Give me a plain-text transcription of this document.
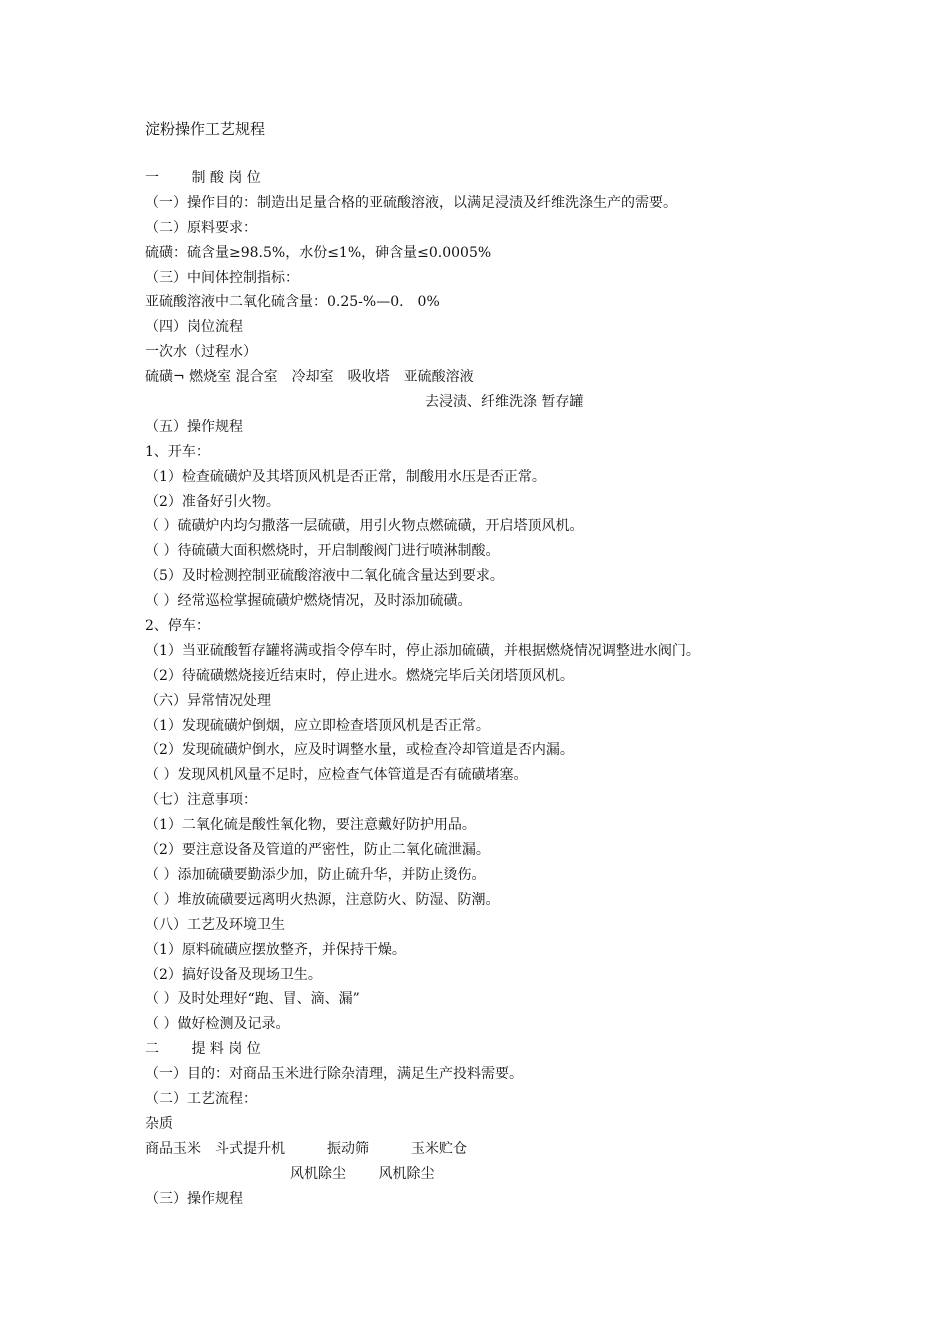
淀粉操作工艺规程
一　　 制 酸 岗 位
（一）操作目的：制造出足量合格的亚硫酸溶液，以满足浸渍及纤维洗涤生产的需要。
（二）原料要求：
硫磺：硫含量≥98.5%，水份≤1%，砷含量≤0.0005%
（三）中间体控制指标：
亚硫酸溶液中二氧化硫含量：0.25-%—0.　0%
（四）岗位流程
一次水（过程水）
硫磺¬ 燃烧室 混合室　冷却室　吸收塔　亚硫酸溶液
去浸渍、纤维洗涤 暂存罐
（五）操作规程
1、开车：
（1）检查硫磺炉及其塔顶风机是否正常，制酸用水压是否正常。
（2）准备好引火物。
（ ）硫磺炉内均匀撒落一层硫磺，用引火物点燃硫磺，开启塔顶风机。
（ ）待硫磺大面积燃烧时，开启制酸阀门进行喷淋制酸。
（5）及时检测控制亚硫酸溶液中二氧化硫含量达到要求。
（ ）经常巡检掌握硫磺炉燃烧情况，及时添加硫磺。
2、停车：
（1）当亚硫酸暂存罐将满或指令停车时，停止添加硫磺，并根据燃烧情况调整进水阀门。
（2）待硫磺燃烧接近结束时，停止进水。燃烧完毕后关闭塔顶风机。
（六）异常情况处理
（1）发现硫磺炉倒烟，应立即检查塔顶风机是否正常。
（2）发现硫磺炉倒水，应及时调整水量，或检查冷却管道是否内漏。
（ ）发现风机风量不足时，应检查气体管道是否有硫磺堵塞。
（七）注意事项：
（1）二氧化硫是酸性氧化物，要注意戴好防护用品。
（2）要注意设备及管道的严密性，防止二氧化硫泄漏。
（ ）添加硫磺要勤添少加，防止硫升华，并防止烫伤。
（ ）堆放硫磺要远离明火热源，注意防火、防湿、防潮。
（八）工艺及环境卫生
（1）原料硫磺应摆放整齐，并保持干燥。
（2）搞好设备及现场卫生。
（ ）及时处理好“跑、冒、滴、漏”
（ ）做好检测及记录。
二　　 提 料 岗 位
（一）目的：对商品玉米进行除杂清理，满足生产投料需要。
（二）工艺流程：
杂质
商品玉米　斗式提升机　　　振动筛　　　玉米贮仓
风机除尘　　 风机除尘
（三）操作规程
